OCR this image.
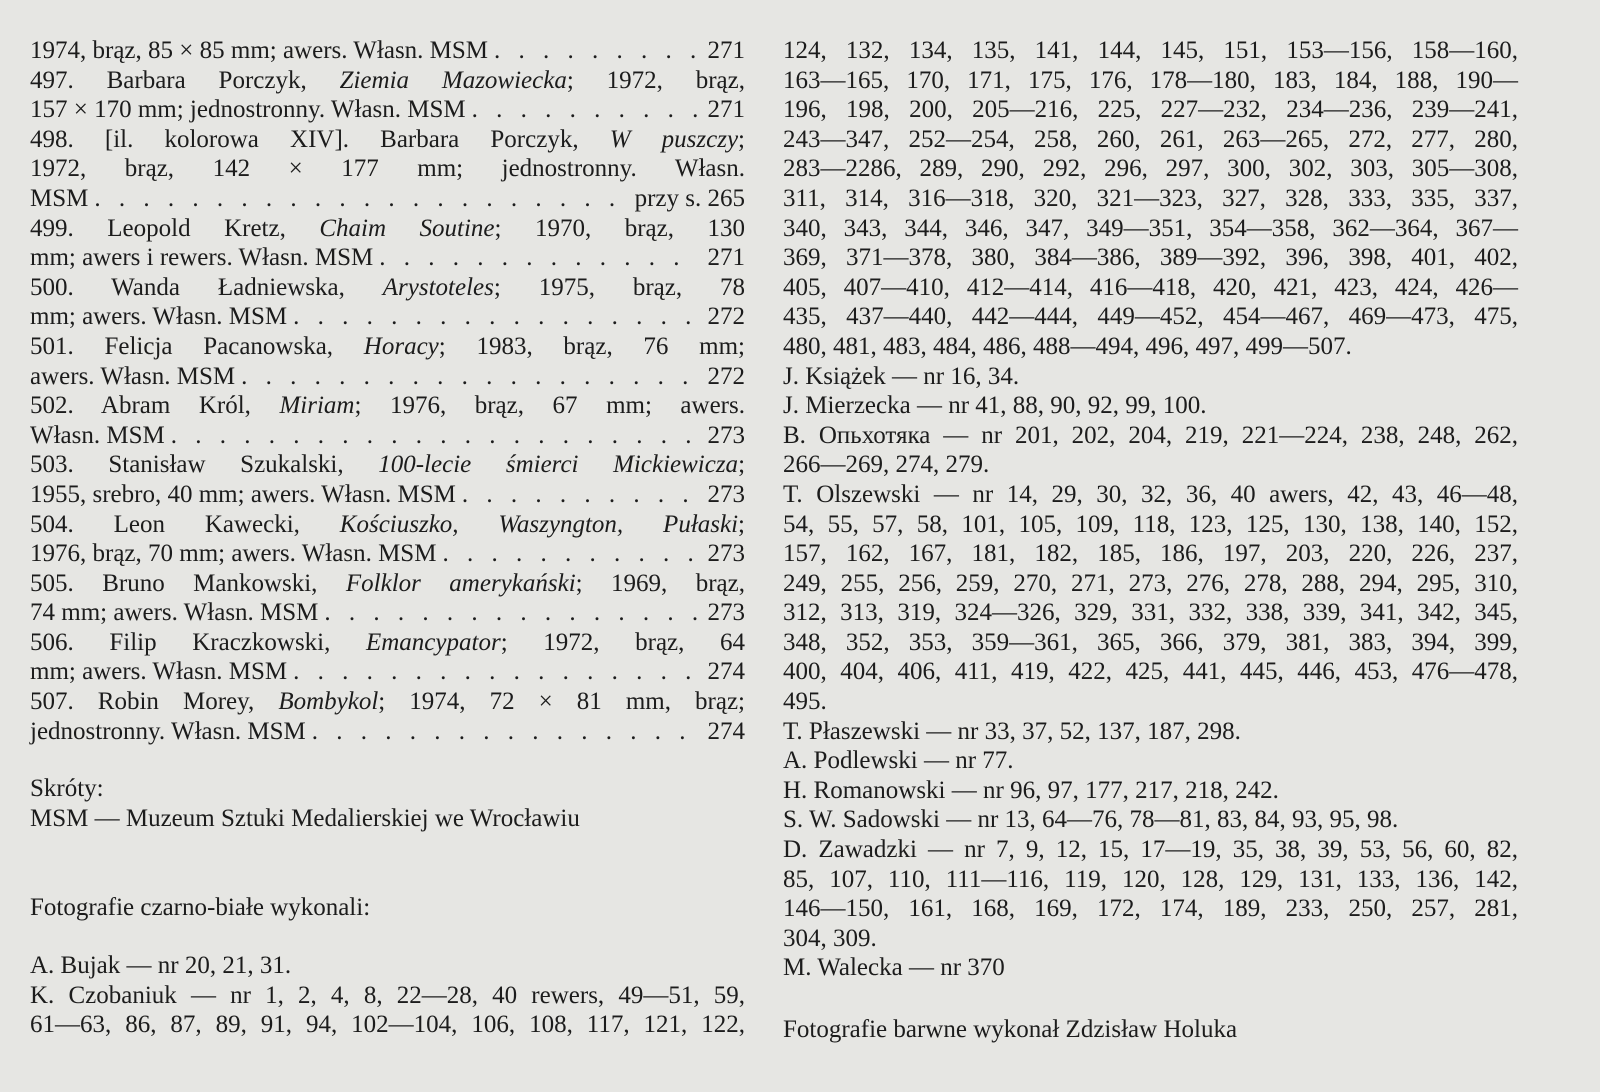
1974, brąz, 85 × 85 mm; awers. Własn. MSM . . .	271
497. Barbara Porczyk, Ziemia Mazowiecka; 1972, brąz,
157 × 170 mm; jednostronny. Własn. MSM . . .	271
498. [il. kolorowa XIV]. Barbara Porczyk, W puszczy;
1972, brąz, 142 × 177 mm; jednostronny. Własn.
MSM . . .	przy s. 265
499. Leopold Kretz, Chaim Soutine; 1970, brąz, 130
mm; awers i rewers. Własn. MSM . . .	271
500. Wanda Ładniewska, Arystoteles; 1975, brąz, 78
mm; awers. Własn. MSM . . .	272
501. Felicja Pacanowska, Horacy; 1983, brąz, 76 mm;
awers. Własn. MSM . . .	272
502. Abram Król, Miriam; 1976, brąz, 67 mm; awers.
Własn. MSM . . .	273
503. Stanisław Szukalski, 100-lecie śmierci Mickiewicza;
1955, srebro, 40 mm; awers. Własn. MSM . . .	273
504. Leon Kawecki, Kościuszko, Waszyngton, Pułaski;
1976, brąz, 70 mm; awers. Własn. MSM . . .	273
505. Bruno Mankowski, Folklor amerykański; 1969, brąz,
74 mm; awers. Własn. MSM . . .	273
506. Filip Kraczkowski, Emancypator; 1972, brąz, 64
mm; awers. Własn. MSM . . .	274
507. Robin Morey, Bombykol; 1974, 72 × 81 mm, brąz;
jednostronny. Własn. MSM . . .	274
Skróty:
MSM — Muzeum Sztuki Medalierskiej we Wrocławiu
Fotografie czarno-białe wykonali:
A. Bujak — nr 20, 21, 31.
K. Czobaniuk — nr 1, 2, 4, 8, 22—28, 40 rewers, 49—51, 59,
61—63, 86, 87, 89, 91, 94, 102—104, 106, 108, 117, 121, 122,
124, 132, 134, 135, 141, 144, 145, 151, 153—156, 158—160,
163—165, 170, 171, 175, 176, 178—180, 183, 184, 188, 190—
196, 198, 200, 205—216, 225, 227—232, 234—236, 239—241,
243—347, 252—254, 258, 260, 261, 263—265, 272, 277, 280,
283—2286, 289, 290, 292, 296, 297, 300, 302, 303, 305—308,
311, 314, 316—318, 320, 321—323, 327, 328, 333, 335, 337,
340, 343, 344, 346, 347, 349—351, 354—358, 362—364, 367—
369, 371—378, 380, 384—386, 389—392, 396, 398, 401, 402,
405, 407—410, 412—414, 416—418, 420, 421, 423, 424, 426—
435, 437—440, 442—444, 449—452, 454—467, 469—473, 475,
480, 481, 483, 484, 486, 488—494, 496, 497, 499—507.
J. Książek — nr 16, 34.
J. Mierzecka — nr 41, 88, 90, 92, 99, 100.
В. Опьхотяка — nr 201, 202, 204, 219, 221—224, 238, 248, 262,
266—269, 274, 279.
T. Olszewski — nr 14, 29, 30, 32, 36, 40 awers, 42, 43, 46—48,
54, 55, 57, 58, 101, 105, 109, 118, 123, 125, 130, 138, 140, 152,
157, 162, 167, 181, 182, 185, 186, 197, 203, 220, 226, 237,
249, 255, 256, 259, 270, 271, 273, 276, 278, 288, 294, 295, 310,
312, 313, 319, 324—326, 329, 331, 332, 338, 339, 341, 342, 345,
348, 352, 353, 359—361, 365, 366, 379, 381, 383, 394, 399,
400, 404, 406, 411, 419, 422, 425, 441, 445, 446, 453, 476—478,
495.
T. Płaszewski — nr 33, 37, 52, 137, 187, 298.
A. Podlewski — nr 77.
H. Romanowski — nr 96, 97, 177, 217, 218, 242.
S. W. Sadowski — nr 13, 64—76, 78—81, 83, 84, 93, 95, 98.
D. Zawadzki — nr 7, 9, 12, 15, 17—19, 35, 38, 39, 53, 56, 60, 82,
85, 107, 110, 111—116, 119, 120, 128, 129, 131, 133, 136, 142,
146—150, 161, 168, 169, 172, 174, 189, 233, 250, 257, 281,
304, 309.
M. Walecka — nr 370
Fotografie barwne wykonał Zdzisław Holuka
